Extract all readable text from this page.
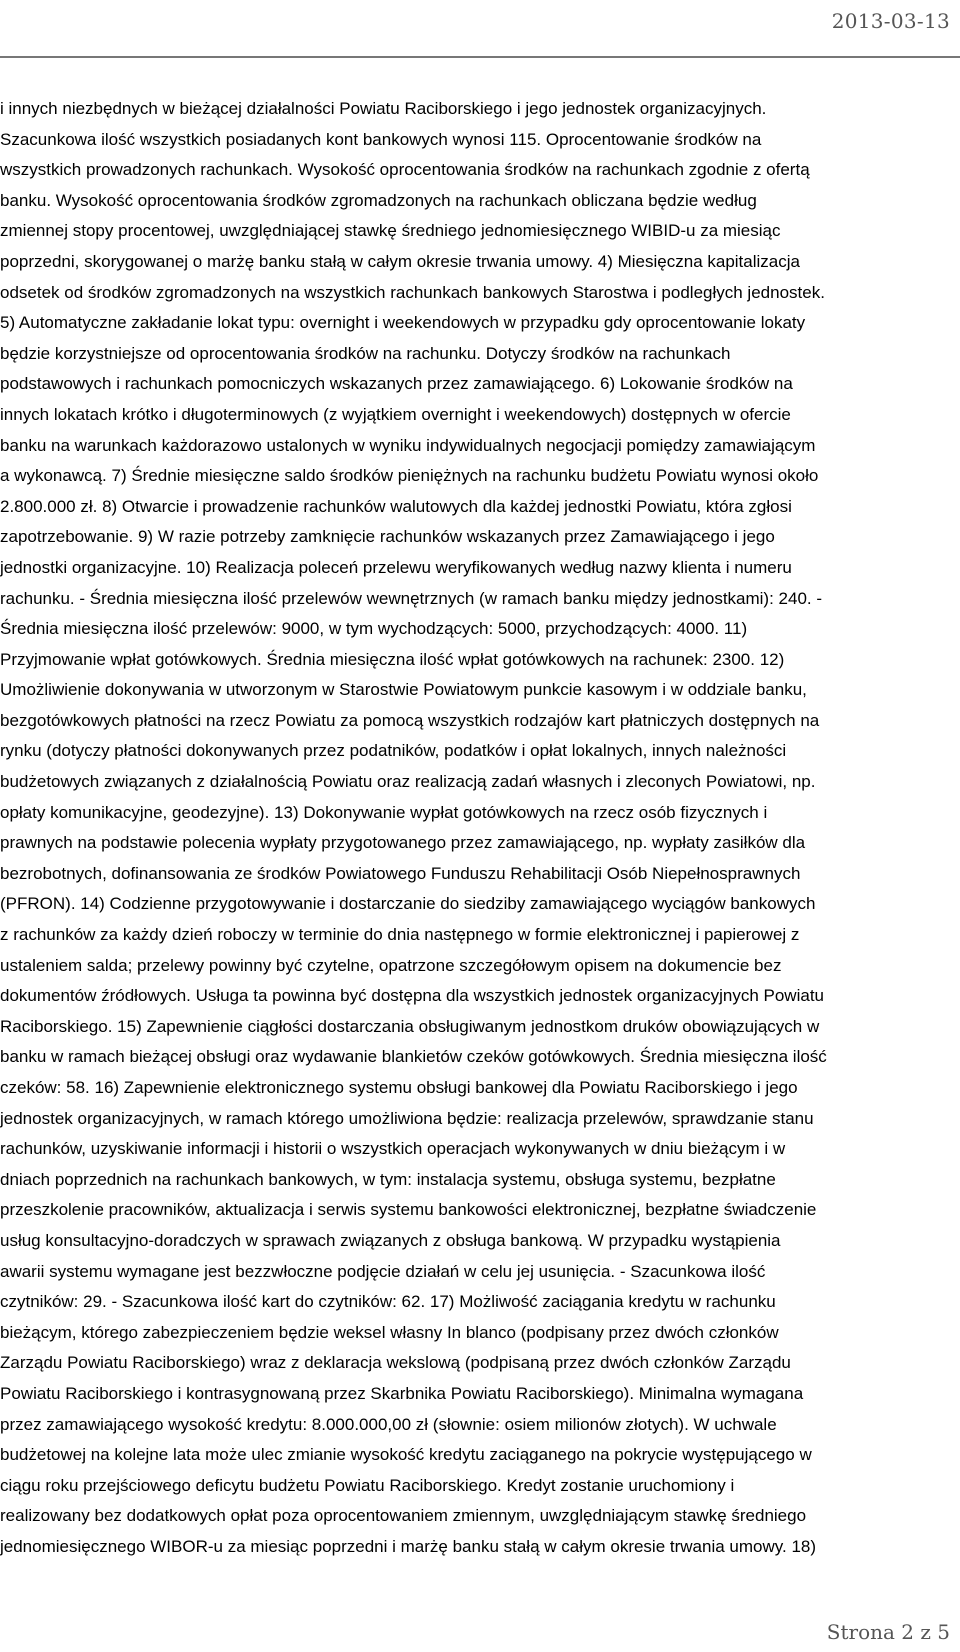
2013-03-13
i innych niezbędnych w bieżącej działalności Powiatu Raciborskiego i jego jednostek organizacyjnych.
Szacunkowa ilość wszystkich posiadanych kont bankowych wynosi 115. Oprocentowanie środków na
wszystkich prowadzonych rachunkach. Wysokość oprocentowania środków na rachunkach zgodnie z ofertą
banku. Wysokość oprocentowania środków zgromadzonych na rachunkach obliczana będzie według
zmiennej stopy procentowej, uwzględniającej stawkę średniego jednomiesięcznego WIBID-u za miesiąc
poprzedni, skorygowanej o marżę banku stałą w całym okresie trwania umowy. 4) Miesięczna kapitalizacja
odsetek od środków zgromadzonych na wszystkich rachunkach bankowych Starostwa i podległych jednostek.
5) Automatyczne zakładanie lokat typu: overnight i weekendowych w przypadku gdy oprocentowanie lokaty
będzie korzystniejsze od oprocentowania środków na rachunku. Dotyczy środków na rachunkach
podstawowych i rachunkach pomocniczych wskazanych przez zamawiającego. 6) Lokowanie środków na
innych lokatach krótko i długoterminowych (z wyjątkiem overnight i weekendowych) dostępnych w ofercie
banku na warunkach każdorazowo ustalonych w wyniku indywidualnych negocjacji pomiędzy zamawiającym
a wykonawcą. 7) Średnie miesięczne saldo środków pieniężnych na rachunku budżetu Powiatu wynosi około
2.800.000 zł. 8) Otwarcie i prowadzenie rachunków walutowych dla każdej jednostki Powiatu, która zgłosi
zapotrzebowanie. 9) W razie potrzeby zamknięcie rachunków wskazanych przez Zamawiającego i jego
jednostki organizacyjne. 10) Realizacja poleceń przelewu weryfikowanych według nazwy klienta i numeru
rachunku. - Średnia miesięczna ilość przelewów wewnętrznych (w ramach banku między jednostkami): 240. -
Średnia miesięczna ilość przelewów: 9000, w tym wychodzących: 5000, przychodzących: 4000. 11)
Przyjmowanie wpłat gotówkowych. Średnia miesięczna ilość wpłat gotówkowych na rachunek: 2300. 12)
Umożliwienie dokonywania w utworzonym w Starostwie Powiatowym punkcie kasowym i w oddziale banku,
bezgotówkowych płatności na rzecz Powiatu za pomocą wszystkich rodzajów kart płatniczych dostępnych na
rynku (dotyczy płatności dokonywanych przez podatników, podatków i opłat lokalnych, innych należności
budżetowych związanych z działalnością Powiatu oraz realizacją zadań własnych i zleconych Powiatowi, np.
opłaty komunikacyjne, geodezyjne). 13) Dokonywanie wypłat gotówkowych na rzecz osób fizycznych i
prawnych na podstawie polecenia wypłaty przygotowanego przez zamawiającego, np. wypłaty zasiłków dla
bezrobotnych, dofinansowania ze środków Powiatowego Funduszu Rehabilitacji Osób Niepełnosprawnych
(PFRON). 14) Codzienne przygotowywanie i dostarczanie do siedziby zamawiającego wyciągów bankowych
z rachunków za każdy dzień roboczy w terminie do dnia następnego w formie elektronicznej i papierowej z
ustaleniem salda; przelewy powinny być czytelne, opatrzone szczegółowym opisem na dokumencie bez
dokumentów źródłowych. Usługa ta powinna być dostępna dla wszystkich jednostek organizacyjnych Powiatu
Raciborskiego. 15) Zapewnienie ciągłości dostarczania obsługiwanym jednostkom druków obowiązujących w
banku w ramach bieżącej obsługi oraz wydawanie blankietów czeków gotówkowych. Średnia miesięczna ilość
czeków: 58. 16) Zapewnienie elektronicznego systemu obsługi bankowej dla Powiatu Raciborskiego i jego
jednostek organizacyjnych, w ramach którego umożliwiona będzie: realizacja przelewów, sprawdzanie stanu
rachunków, uzyskiwanie informacji i historii o wszystkich operacjach wykonywanych w dniu bieżącym i w
dniach poprzednich na rachunkach bankowych, w tym: instalacja systemu, obsługa systemu, bezpłatne
przeszkolenie pracowników, aktualizacja i serwis systemu bankowości elektronicznej, bezpłatne świadczenie
usług konsultacyjno-doradczych w sprawach związanych z obsługa bankową. W przypadku wystąpienia
awarii systemu wymagane jest bezzwłoczne podjęcie działań w celu jej usunięcia. - Szacunkowa ilość
czytników: 29. - Szacunkowa ilość kart do czytników: 62. 17) Możliwość zaciągania kredytu w rachunku
bieżącym, którego zabezpieczeniem będzie weksel własny In blanco (podpisany przez dwóch członków
Zarządu Powiatu Raciborskiego) wraz z deklaracja wekslową (podpisaną przez dwóch członków Zarządu
Powiatu Raciborskiego i kontrasygnowaną przez Skarbnika Powiatu Raciborskiego). Minimalna wymagana
przez zamawiającego wysokość kredytu: 8.000.000,00 zł (słownie: osiem milionów złotych). W uchwale
budżetowej na kolejne lata może ulec zmianie wysokość kredytu zaciąganego na pokrycie występującego w
ciągu roku przejściowego deficytu budżetu Powiatu Raciborskiego. Kredyt zostanie uruchomiony i
realizowany bez dodatkowych opłat poza oprocentowaniem zmiennym, uwzględniającym stawkę średniego
jednomiesięcznego WIBOR-u za miesiąc poprzedni i marżę banku stałą w całym okresie trwania umowy. 18)
Strona 2 z 5
